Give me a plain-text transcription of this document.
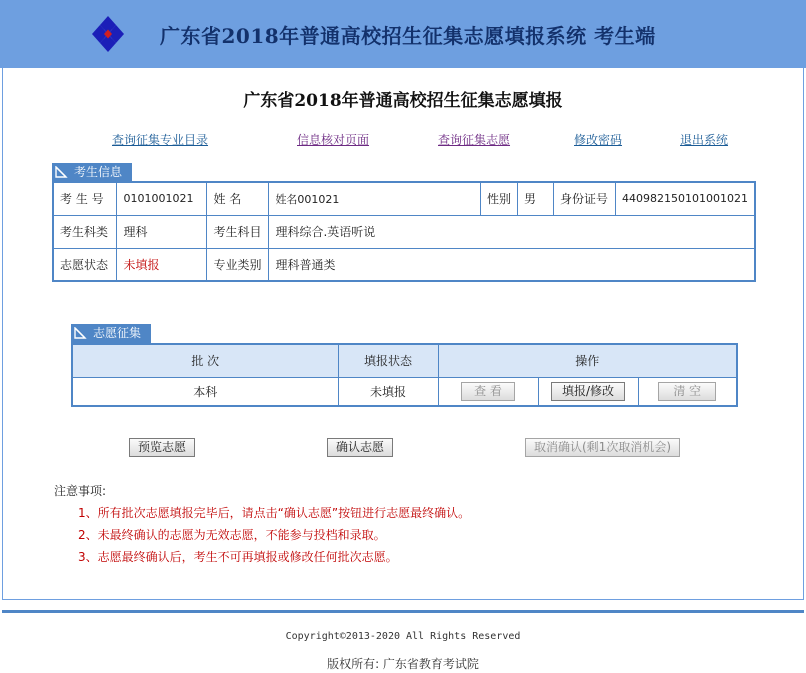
广东省2018年普通高校招生征集志愿填报系统 考生端
广东省2018年普通高校招生征集志愿填报
查询征集专业目录	信息核对页面	查询征集志愿	修改密码	退出系统
考生信息
考 生 号	0101001021	姓 名	姓名001021	性别	男	身份证号	440982150101001021
考生科类	理科	考生科目	理科综合.英语听说				
志愿状态	未填报	专业类别	理科普通类				
志愿征集
批 次	填报状态	操作		
本科	未填报	查 看	填报/修改	清 空
预览志愿	确认志愿	取消确认(剩1次取消机会)
注意事项:
1、所有批次志愿填报完毕后，请点击“确认志愿”按钮进行志愿最终确认。
2、未最终确认的志愿为无效志愿，不能参与投档和录取。
3、志愿最终确认后，考生不可再填报或修改任何批次志愿。
Copyright©2013-2020 All Rights Reserved
版权所有: 广东省教育考试院
